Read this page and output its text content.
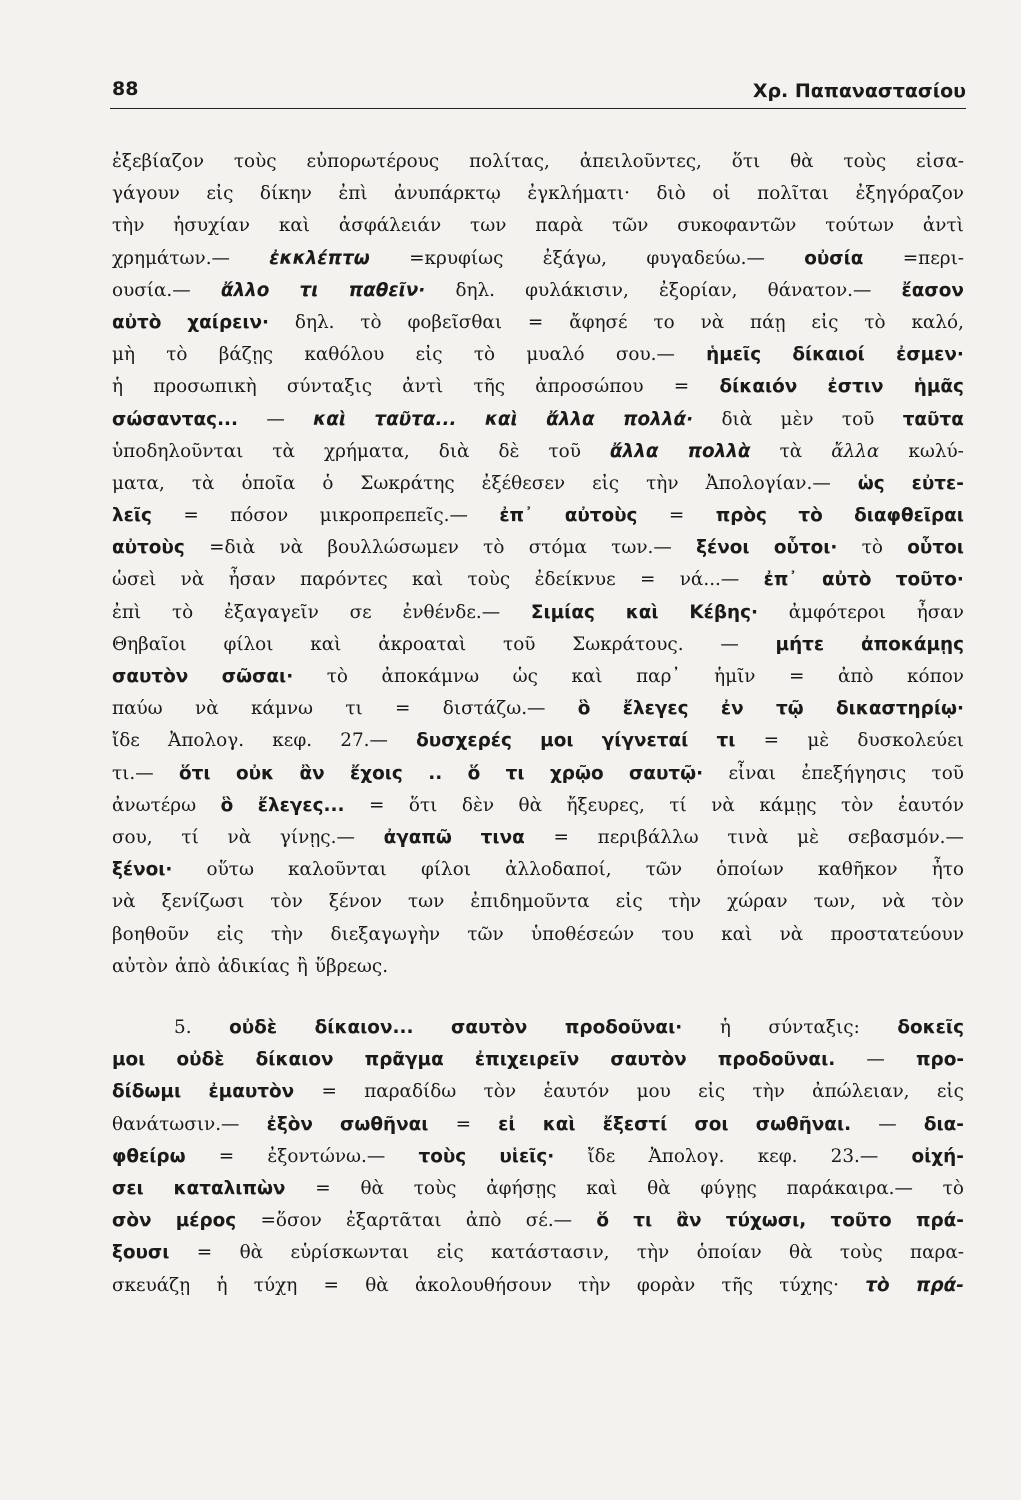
88	Χρ. Παπαναστασίου
ἐξεβίαζον τοὺς εὐπορωτέρους πολίτας, ἀπειλοῦντες, ὅτι θὰ τοὺς εἰσα-
γάγουν εἰς δίκην ἐπὶ ἀνυπάρκτῳ ἐγκλήματι· διὸ οἱ πολῖται ἐξηγόραζον
τὴν ἡσυχίαν καὶ ἀσφάλειάν των παρὰ τῶν συκοφαντῶν τούτων ἀντὶ
χρημάτων.— ἐκκλέπτω =κρυφίως ἐξάγω, φυγαδεύω.— οὐσία =περι-
ουσία.— ἄλλο τι παθεῖν· δηλ. φυλάκισιν, ἐξορίαν, θάνατον.— ἔασον
αὐτὸ χαίρειν· δηλ. τὸ φοβεῖσθαι = ἄφησέ το νὰ πάῃ εἰς τὸ καλό,
μὴ τὸ βάζῃς καθόλου εἰς τὸ μυαλό σου.— ἡμεῖς δίκαιοί ἐσμεν·
ἡ προσωπικὴ σύνταξις ἀντὶ τῆς ἀπροσώπου = δίκαιόν ἐστιν ἡμᾶς
σώσαντας... — καὶ ταῦτα... καὶ ἄλλα πολλά· διὰ μὲν τοῦ ταῦτα
ὑποδηλοῦνται τὰ χρήματα, διὰ δὲ τοῦ ἄλλα πολλὰ τὰ ἄλλα κωλύ-
ματα, τὰ ὁποῖα ὁ Σωκράτης ἐξέθεσεν εἰς τὴν Ἀπολογίαν.— ὡς εὐτε-
λεῖς = πόσον μικροπρεπεῖς.— ἐπ᾽ αὐτοὺς = πρὸς τὸ διαφθεῖραι
αὐτοὺς =διὰ νὰ βουλλώσωμεν τὸ στόμα των.— ξένοι οὗτοι· τὸ οὗτοι
ὡσεὶ νὰ ἦσαν παρόντες καὶ τοὺς ἐδείκνυε = νά...— ἐπ᾽ αὐτὸ τοῦτο·
ἐπὶ τὸ ἐξαγαγεῖν σε ἐνθένδε.— Σιμίας καὶ Κέβης· ἀμφότεροι ἦσαν
Θηβαῖοι φίλοι καὶ ἀκροαταὶ τοῦ Σωκράτους. — μήτε ἀποκάμῃς
σαυτὸν σῶσαι· τὸ ἀποκάμνω ὡς καὶ παρ᾽ ἡμῖν = ἀπὸ κόπον
παύω νὰ κάμνω τι = διστάζω.— ὃ ἔλεγες ἐν τῷ δικαστηρίῳ·
ἴδε Ἀπολογ. κεφ. 27.— δυσχερές μοι γίγνεταί τι = μὲ δυσκολεύει
τι.— ὅτι οὐκ ἂν ἔχοις .. ὅ τι χρῷο σαυτῷ· εἶναι ἐπεξήγησις τοῦ
ἀνωτέρω ὃ ἔλεγες... = ὅτι δὲν θὰ ἤξευρες, τί νὰ κάμῃς τὸν ἑαυτόν
σου, τί νὰ γίνῃς.— ἀγαπῶ τινα = περιβάλλω τινὰ μὲ σεβασμόν.—
ξένοι· οὕτω καλοῦνται φίλοι ἀλλοδαποί, τῶν ὁποίων καθῆκον ἦτο
νὰ ξενίζωσι τὸν ξένον των ἐπιδημοῦντα εἰς τὴν χώραν των, νὰ τὸν
βοηθοῦν εἰς τὴν διεξαγωγὴν τῶν ὑποθέσεών του καὶ νὰ προστατεύουν
αὐτὸν ἀπὸ ἀδικίας ἢ ὕβρεως.
5. οὐδὲ δίκαιον... σαυτὸν προδοῦναι· ἡ σύνταξις: δοκεῖς
μοι οὐδὲ δίκαιον πρᾶγμα ἐπιχειρεῖν σαυτὸν προδοῦναι. — προ-
δίδωμι ἐμαυτὸν = παραδίδω τὸν ἑαυτόν μου εἰς τὴν ἀπώλειαν, εἰς
θανάτωσιν.— ἐξὸν σωθῆναι = εἰ καὶ ἔξεστί σοι σωθῆναι. — δια-
φθείρω = ἐξοντώνω.— τοὺς υἱεῖς· ἴδε Ἀπολογ. κεφ. 23.— οἰχή-
σει καταλιπὼν = θὰ τοὺς ἀφήσῃς καὶ θὰ φύγῃς παράκαιρα.— τὸ
σὸν μέρος =ὅσον ἐξαρτᾶται ἀπὸ σέ.— ὅ τι ἂν τύχωσι, τοῦτο πρά-
ξουσι = θὰ εὑρίσκωνται εἰς κατάστασιν, τὴν ὁποίαν θὰ τοὺς παρα-
σκευάζῃ ἡ τύχη = θὰ ἀκολουθήσουν τὴν φορὰν τῆς τύχης· τὸ πρά-
